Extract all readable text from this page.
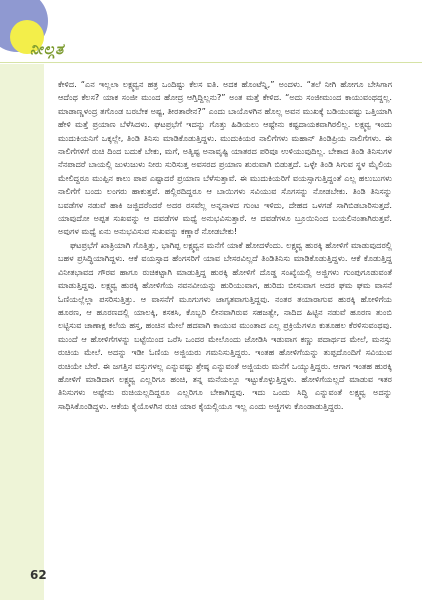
ನೀಲ್ಗತ

ಕೇಳಿದ. “ಎನ ಇಲ್ಲಲಾ ಲಕ್ಷ್ಮವ್ವನ ಹತ್ರ ಒಂದಿಷ್ಟು ಕೆಲಸ ಐತಿ. ಅದಕ ಹೊಂಟೆನ್ನಿ,” ಅಂದಳು. “ತಲೆ ನೀಗಿ ಹೋಗೂ ಬೇಸಿಗಾಗ ಆದೆಂಥ ಕೆಲಸ? ಯಾಕ ಸಂಜೀ ಮುಂದ ಹೋದ್ರ ಆಗ್ತಿದ್ದಿಲ್ಲನು?” ಅಂತ ಮತ್ತೆ ಕೇಳಿದ. “ಅದು ಸಂಜೀಮುಂದ ಕಾಯುವಂಥದ್ದಲ್ಲ. ಮಾಡಾಣ್ಣಳಂದ್ರ ತಗೊಂಡ ಬರಬೇಕ ಅಷ್ಟ, ತೀರತಾರೇನ?” ಎಂದು ಬಾಯೊಳಗಿನ ಹೊಲ್ಲ ಅವನ ಮುಖಕ್ಕೆ ಬಡಿಯುವಷ್ಟು ಒತ್ತಿಯಾಗಿ ಹೇಳಿ ಮತ್ತೆ ಪ್ರಯಾಣ ಬೆಳೆಸಿದಳು. ಘಟಪ್ರಭೆಗೆ ಇದನ್ನು ಗೊತ್ತು ಹಿಡಿಯಲು ಆಷ್ಟೇನು ಕಷ್ಟದಾಯಕವಾಗಿರಲಿಲ್ಲ. ಲಕ್ಷ್ಮವ್ವ ಇಂದು ಮುದುಕಿಯನಿಗೆ ಒಕ್ಕಲ್ಲೇ, ತಿಂಡಿ ತಿನಿಸು ಮಾಡಿಕೊಡುತ್ತಿದ್ದಳು. ಮುದುಕಿಯರ ನಾಲಿಗೆಗಳು ಮಹಾನ್ ತಿಂಡಿಪ್ರಿಯ ನಾಲಿಗೆಗಳು. ಈ ನಾಲಿಗೆಗಳಿಗೆ ರುಚಿ ದಿಂದ ಬದುಕೆ ಬೇಕು, ಮಗೆ, ಅತ್ಯಿಷ್ಟ ಅನಾವೃಷ್ಟಿ ಯಾತರದ ಪರಿವೂ ಉಳಿಯುವುದಿಲ್ಲ. ಬೇಕಾದ ತಿಂಡಿ ತಿನಿಸುಗಳ ನೆನಪಾದರೆ ಬಾಯಲ್ಲಿ ಜುಳುಜುಳು ನೀರು ಸುರಿಸುತ್ತ ಅವಸರದ ಪ್ರಯಾಣ ಶುರುವಾಗಿ ಬಿಡುತ್ತದೆ. ಒಳ್ಳೇ ತಿಂಡಿ ಸಿಗುವ ಸ್ಥಳ ಮೈಲಿಯ ಮೇಲಿದ್ದರೂ ಮುಪ್ಪಿನ ಕಾಲು ಪಾಪ ಎಷ್ಟಾದರೆ ಪ್ರಯಾಣ ಬೆಳೆಸುತ್ತಾವೆ. ಈ ಮುದುಕಿಯರಿಗೆ ವಯಸ್ಸಾಗುತ್ತಿದ್ದಂತೆ ಎಲ್ಲ ಹಲುಬುಗಳು ನಾಲಿಗೆಗೆ ಬಂದು ಲಂಗರು ಹಾಕುತ್ತವೆ. ಹಲ್ಲಿರದಿದ್ದರೂ ಆ ಬಾಯಿಗಳು ಸವಿಯುವ ಸೊಗಸನ್ನು ನೋಡಬೇಕು. ತಿಂಡಿ ತಿನಿಸನ್ನು ಬವಡೆಗಳ ನಡುವೆ ಹಾಕಿ ಜಜ್ಜಿದರೆಂದರೆ ಅದರ ರಸವೆಲ್ಲ ಅನ್ನನಾಳದ ಗುಂಟ ಇಳಿದು, ದೇಹದ ಒಳಗಡೆ ಸಾಗಿಬಿಡಬಾರಿಸುತ್ತದೆ. ಯಾವುದೋ ಅಪ್ಪತ ಸುಖವನ್ನು ಆ ದವಡೆಗಳ ಮಧ್ಯೆ ಅನುಭವಿಸುತ್ತಾರೆ. ಆ ದವಡೆಗಳೂ ಬ್ರೂಯಿನಿಂದ ಬಯಲಿನಂತಾಗಿರುತ್ತವೆ. ಅವುಗಳ ಮಧ್ಯೆ ಏನು ಅನುಭವಿಸುವ ಸುಖವನ್ನು ಕಣ್ಣಾರೆ ನೋಡಬೇಕು!

ಘಟಪ್ರಭೆಗೆ ಖಾತ್ರಿಯಾಗಿ ಗೊತ್ತಿತ್ತು, ಭಾಗಿಪ್ಪ ಲಕ್ಷ್ಮವ್ವನ ಮನೆಗೆ ಯಾಕೆ ಹೋದಳೆಂದು. ಲಕ್ಷ್ಮವ್ವ ಹುರಕ್ಕಿ ಹೋಳಿಗೆ ಮಾಡುವುದರಲ್ಲಿ ಬಹಳ ಪ್ರಸಿದ್ಧಿಯಾಗಿದ್ದಳು. ಆಕೆ ವಯಸ್ಸಾದ ಹೆಂಗಸರಿಗೆ ಯಾವ ಬೇಸರವಿಲ್ಲದೆ ತಿಂಡಿತಿನಿಸು ಮಾಡಿಕೊಡುತ್ತಿದ್ದಳು. ಆಕೆ ಕೊಡುತ್ತಿದ್ದ ವಿನೀತಭಾವದ ಗೌರವ ಹಾಗೂ ರುಚಿಕಟ್ಟಾಗಿ ಮಾಡುತ್ತಿದ್ದ ಹುರಕ್ಕಿ ಹೋಳಿಗೆ ದೊಡ್ಡ ಸಂಖ್ಯೆಯಲ್ಲಿ ಅಜ್ಜಿಗಳು ಗುಂಪುಗೂಡುವಂತೆ ಮಾಡುತ್ತಿದ್ದವು. ಲಕ್ಷ್ಮವ್ವ ಹುರಕ್ಕಿ ಹೋಳಿಗೆಯ ನವನವೀಯನ್ನು ಹುರಿಯುವಾಗ, ಹುರಿದು ಬೀಸುವಾಗ ಅದರ ಘಮ ಘಮ ವಾಸನೆ ಓಣಿಯಲ್ಲೆಲ್ಲಾ ಪಸರಿಸುತ್ತಿತ್ತು. ಆ ವಾಸನೆಗೆ ಮೂಗುಗಳು ಜಾಗೃತವಾಗುತ್ತಿದ್ದವು. ನಂತರ ತಯಾರಾಗುವ ಹುರಕ್ಕಿ ಹೋಳಿಗೆಯ ಹೂರಣ, ಆ ಹೂರಣದಲ್ಲಿ ಯಾಲಕ್ಕಿ, ಕಸಕಸಿ, ಕೊಬ್ಬರಿ ಲೀನವಾಗಿರುವ ಸಹಜತ್ವೇ, ನಾದಿದ ಹಿಟ್ಟಿನ ನಡುವೆ ಹೂರಣ ತುಂಬಿ ಲಟ್ಟಿಸುವ ಚಾಣಾಕ್ಷ ಕಲೆಯ ಹಸ್ತ, ಹಂಚಿನ ಮೇಲೆ ಹದವಾಗಿ ಕಾಯುವ ಮುಂತಾದ ಎಲ್ಲ ಪ್ರಕ್ರಿಯೆಗಳೂ ಕುತೂಹಲ ಕೆರಳಿಸುವಂಥವು. ಮುಂದೆ ಆ ಹೋಳಿಗೆಗಳನ್ನು ಬಟ್ಟೆಯಿಂದ ಒರೆಸಿ ಒಂದರ ಮೇಲೊಂದು ಜೋಡಿಸಿ ಇಡುವಾಗ ಕಣ್ಣು ಪದಾರ್ಥದ ಮೇಲೆ, ಮನಸ್ಸು ರುಚಿಯ ಮೇಲೆ. ಅದನ್ನು ಇಡೀ ಓಣಿಯ ಅಜ್ಜಿಯರು ಗಮನಿಸುತ್ತಿದ್ದರು. ಇಂತಹ ಹೋಳಿಗೆಯನ್ನು ತುಪ್ಪದೊಂದಿಗೆ ಸವಿಯುವ ರುಚಿಯೇ ಬೇರೆ. ಈ ಜಗತ್ತಿನ ವಸ್ತುಗಳಲ್ಲ ಎನ್ನುವಷ್ಟು ಶ್ರೇಷ್ಠ ಎನ್ನುವಂತೆ ಅಜ್ಜಿಯರು ಮನೆಗೆ ಒಯ್ಯುತ್ತಿದ್ದರು. ಆಗಾಗ ಇಂತಹ ಹುರಕ್ಕಿ ಹೋಳಿಗೆ ಮಾಡಿದಾಗ ಲಕ್ಷ್ಮವ್ವ ಎಲ್ಲರಿಗೂ ಹಂಚಿ, ತನ್ನ ಮನೆಯಲ್ಲೂ ಇಟ್ಟುಕೊಳ್ಳುತ್ತಿದ್ದಳು. ಹೋಳಿಗೆಯಲ್ಲದೆ ಮಾಡುವ ಇತರ ತಿನಿಸುಗಳು ಅಷ್ಟೇನು ರುಚಿಯಲ್ಲದಿದ್ದರೂ ಎಲ್ಲರಿಗೂ ಬೇಕಾಗಿದ್ದವು. ಇದು ಒಂದು ಸಿದ್ಧಿ ಎನ್ನುವಂತೆ ಲಕ್ಷ್ಮವ್ವ ಅದನ್ನು ಸಾಧಿಸಿಕೊಂಡಿದ್ದಳು. ಆಕೆಯ ಕೈಯೊಳಗಿನ ರುಚಿ ಯಾರ ಕೈಯಲ್ಲಿಯೂ ಇಲ್ಲ ಎಂದು ಅಜ್ಜಿಗಳು ಕೊಂಡಾಡುತ್ತಿದ್ದರು.

62
